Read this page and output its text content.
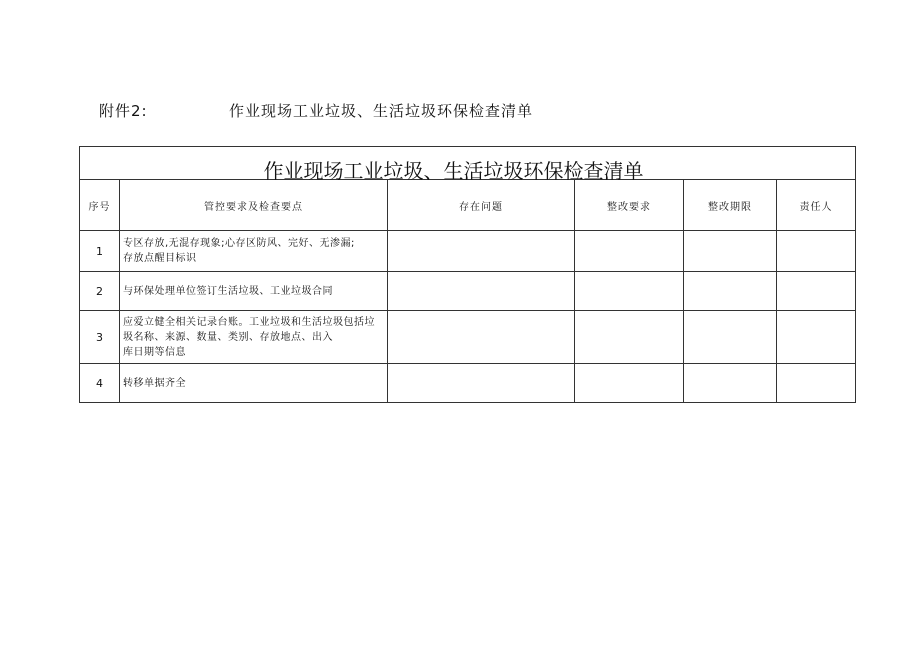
附件2:	作业现场工业垃圾、生活垃圾环保检查清单
作业现场工业垃圾、生活垃圾环保检查清单					
序号	管控要求及检查要点	存在问题	整改要求	整改期限	责任人
1	专区存放,无混存现象;心存区防风、完好、无渗漏;
存放点醒目标识				

2	与环保处理单位签订生活垃圾、工业垃圾合同				

3	应爱立健全相关记录台账。工业垃圾和生活垃圾包括垃
圾名称、来源、数量、类别、存放地点、出入
库日期等信息				

4	转移单据齐全				
